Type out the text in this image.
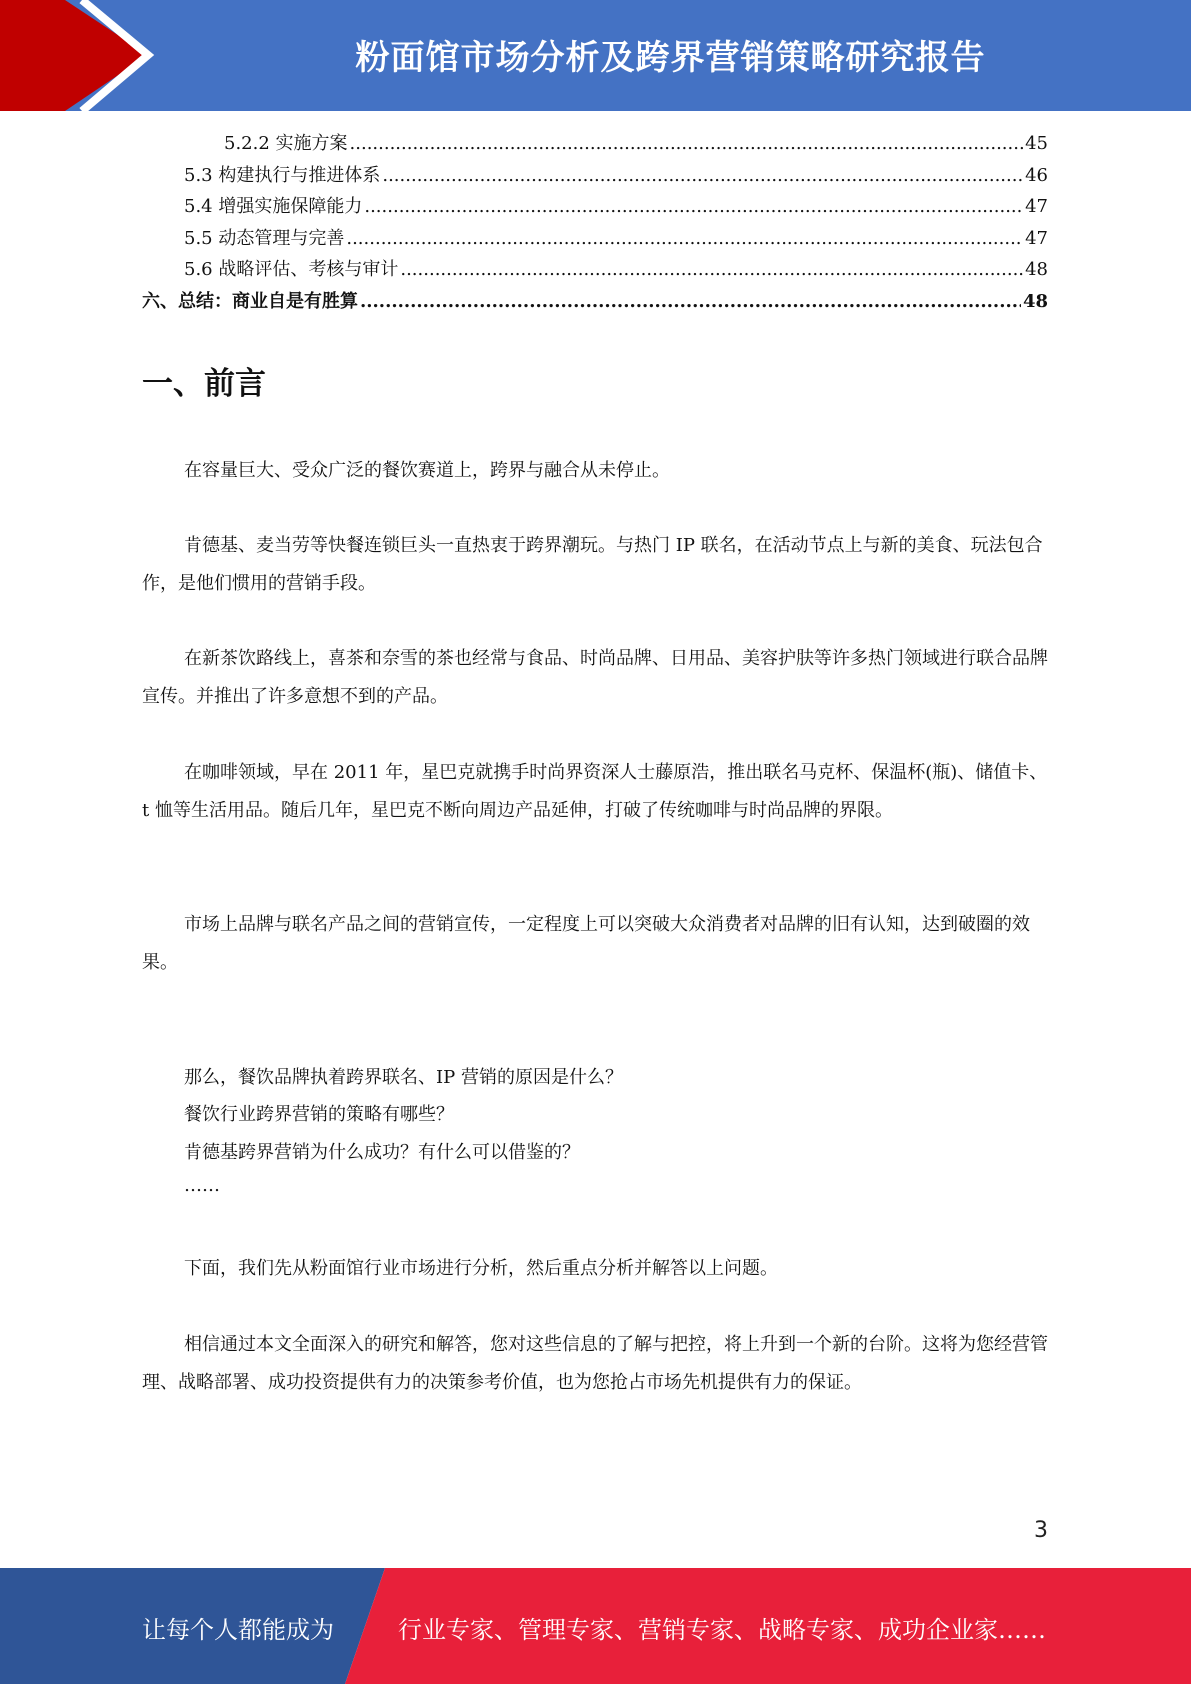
粉面馆市场分析及跨界营销策略研究报告
5.2.2 实施方案 .....	45
5.3 构建执行与推进体系 .....	46
5.4 增强实施保障能力 .....	47
5.5 动态管理与完善 .....	47
5.6 战略评估、考核与审计 .....	48
六、总结：商业自是有胜算 .....	48
一、前言

在容量巨大、受众广泛的餐饮赛道上，跨界与融合从未停止。

肯德基、麦当劳等快餐连锁巨头一直热衷于跨界潮玩。与热门 IP 联名，在活动节点上与新的美食、玩法包合作，是他们惯用的营销手段。

在新茶饮路线上，喜茶和奈雪的茶也经常与食品、时尚品牌、日用品、美容护肤等许多热门领域进行联合品牌宣传。并推出了许多意想不到的产品。

在咖啡领域，早在 2011 年，星巴克就携手时尚界资深人士藤原浩，推出联名马克杯、保温杯(瓶)、储值卡、t 恤等生活用品。随后几年，星巴克不断向周边产品延伸，打破了传统咖啡与时尚品牌的界限。

市场上品牌与联名产品之间的营销宣传，一定程度上可以突破大众消费者对品牌的旧有认知，达到破圈的效果。

那么，餐饮品牌执着跨界联名、IP 营销的原因是什么？

餐饮行业跨界营销的策略有哪些？

肯德基跨界营销为什么成功？有什么可以借鉴的？

……

下面，我们先从粉面馆行业市场进行分析，然后重点分析并解答以上问题。

相信通过本文全面深入的研究和解答，您对这些信息的了解与把控，将上升到一个新的台阶。这将为您经营管理、战略部署、成功投资提供有力的决策参考价值，也为您抢占市场先机提供有力的保证。

3
让每个人都能成为	行业专家、管理专家、营销专家、战略专家、成功企业家……
